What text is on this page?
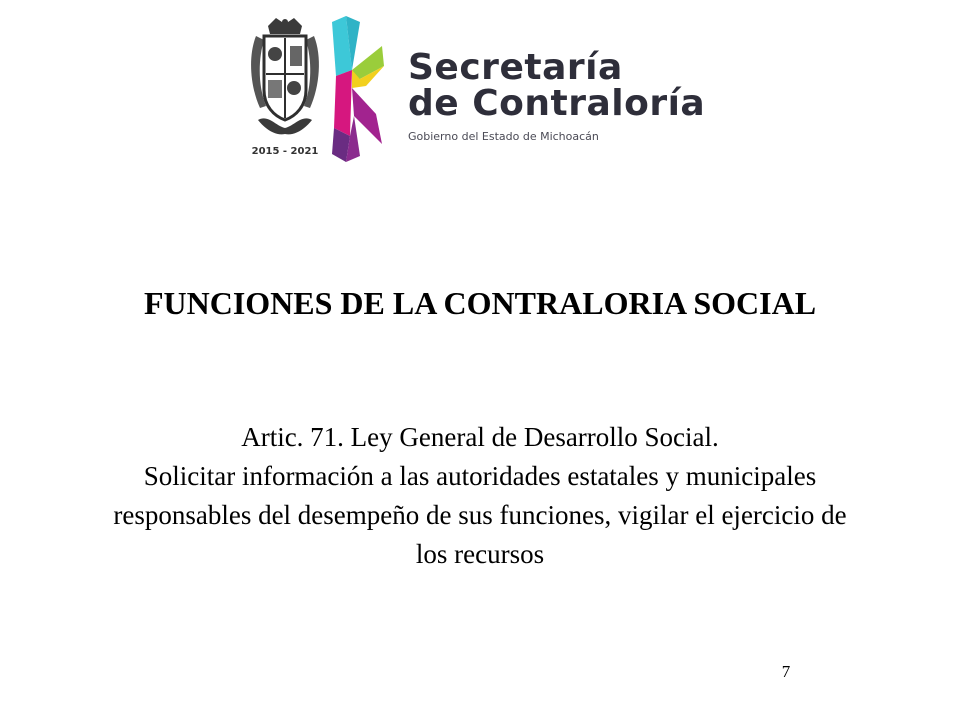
2015 - 2021
Secretaría
de Contraloría
Gobierno del Estado de Michoacán
FUNCIONES DE LA CONTRALORIA SOCIAL

Artic. 71. Ley General de Desarrollo Social.

Solicitar información a las autoridades estatales y municipales responsables del desempeño de sus funciones, vigilar el ejercicio de los recursos

7
